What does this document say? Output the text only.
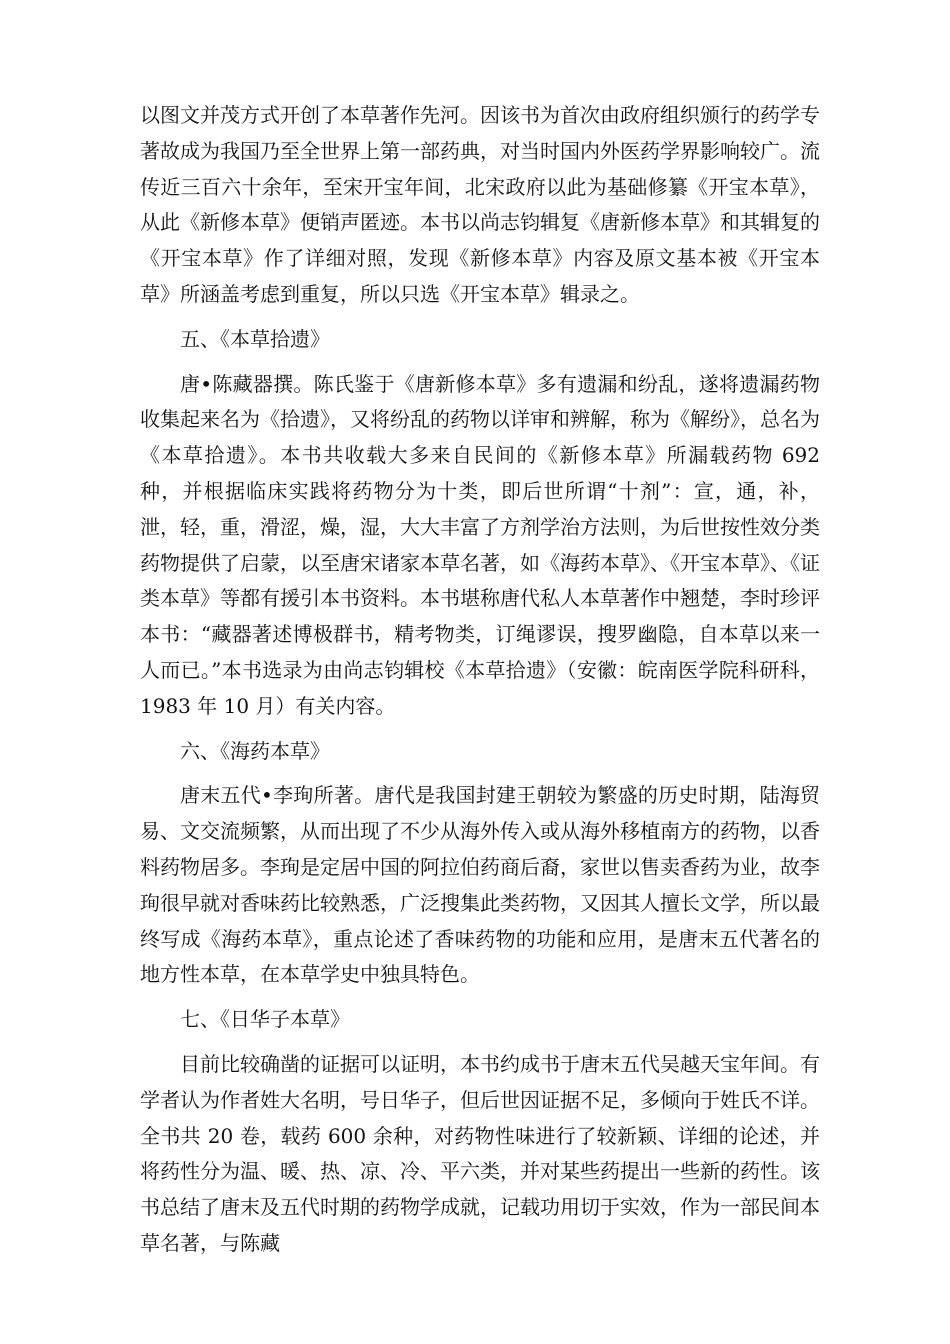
以图文并茂方式开创了本草著作先河。因该书为首次由政府组织颁行的药学专著故成为我国乃至全世界上第一部药典，对当时国内外医药学界影响较广。流传近三百六十余年，至宋开宝年间，北宋政府以此为基础修纂《开宝本草》，从此《新修本草》便销声匿迹。本书以尚志钧辑复《唐新修本草》和其辑复的《开宝本草》作了详细对照，发现《新修本草》内容及原文基本被《开宝本草》所涵盖考虑到重复，所以只选《开宝本草》辑录之。

五、《本草拾遗》

唐•陈藏器撰。陈氏鉴于《唐新修本草》多有遗漏和纷乱，遂将遗漏药物收集起来名为《拾遗》，又将纷乱的药物以详审和辨解，称为《解纷》，总名为《本草拾遗》。本书共收载大多来自民间的《新修本草》所漏载药物 692 种，并根据临床实践将药物分为十类，即后世所谓“十剂”：宣，通，补，泄，轻，重，滑涩，燥，湿，大大丰富了方剂学治方法则，为后世按性效分类药物提供了启蒙，以至唐宋诸家本草名著，如《海药本草》、《开宝本草》、《证类本草》等都有援引本书资料。本书堪称唐代私人本草著作中翘楚，李时珍评本书：“藏器著述博极群书，精考物类，订绳谬误，搜罗幽隐，自本草以来一人而已。”本书选录为由尚志钧辑校《本草拾遗》（安徽：皖南医学院科研科，1983 年 10 月）有关内容。

六、《海药本草》

唐末五代•李珣所著。唐代是我国封建王朝较为繁盛的历史时期，陆海贸易、文交流频繁，从而出现了不少从海外传入或从海外移植南方的药物，以香料药物居多。李珣是定居中国的阿拉伯药商后裔，家世以售卖香药为业，故李珣很早就对香味药比较熟悉，广泛搜集此类药物，又因其人擅长文学，所以最终写成《海药本草》，重点论述了香味药物的功能和应用，是唐末五代著名的地方性本草，在本草学史中独具特色。

七、《日华子本草》

目前比较确凿的证据可以证明，本书约成书于唐末五代吴越天宝年间。有学者认为作者姓大名明，号日华子，但后世因证据不足，多倾向于姓氏不详。全书共 20 卷，载药 600 余种，对药物性味进行了较新颖、详细的论述，并将药性分为温、暖、热、凉、冷、平六类，并对某些药提出一些新的药性。该书总结了唐末及五代时期的药物学成就，记载功用切于实效，作为一部民间本草名著，与陈藏
